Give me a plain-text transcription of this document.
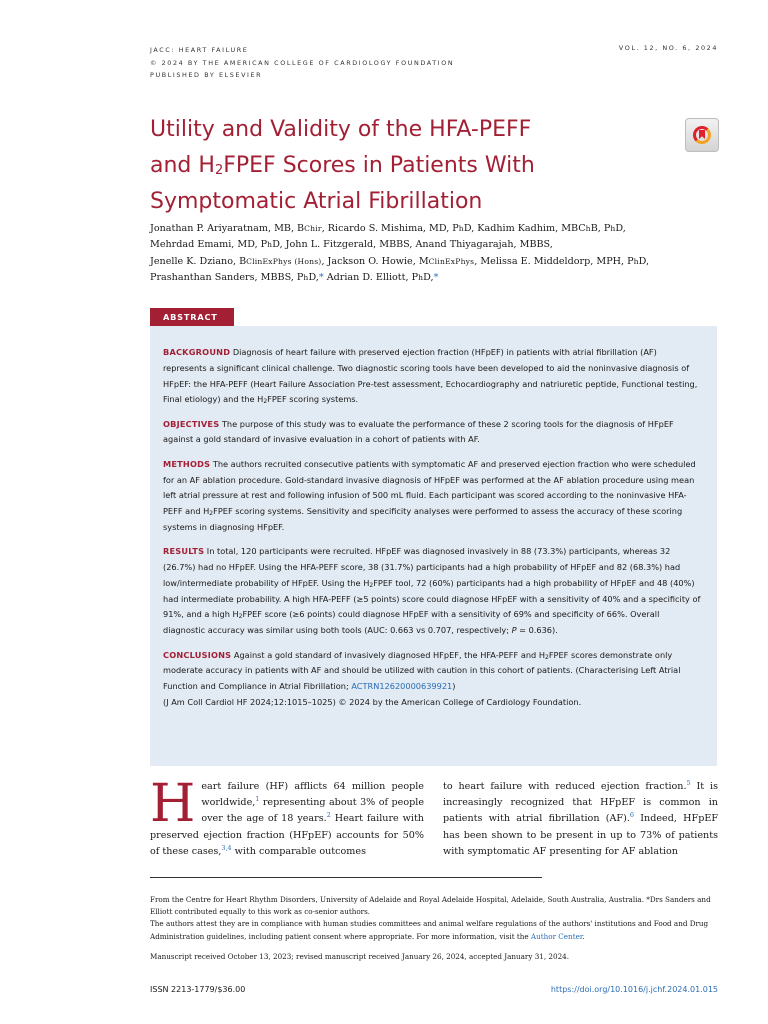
JACC: HEART FAILURE
© 2024 BY THE AMERICAN COLLEGE OF CARDIOLOGY FOUNDATION
PUBLISHED BY ELSEVIER
VOL. 12, NO. 6, 2024
Utility and Validity of the HFA-PEFF
and $H_2FPEF$ Scores in Patients With
Symptomatic Atrial Fibrillation
Jonathan P. Ariyaratnam, MB, BChir, Ricardo S. Mishima, MD, PhD, Kadhim Kadhim, MBChB, PhD,
Mehrdad Emami, MD, PhD, John L. Fitzgerald, MBBS, Anand Thiyagarajah, MBBS,
Jenelle K. Dziano, BClinExPhys (Hons), Jackson O. Howie, MClinExPhys, Melissa E. Middeldorp, MPH, PhD,
Prashanthan Sanders, MBBS, PhD,* Adrian D. Elliott, PhD,*
ABSTRACT

BACKGROUND Diagnosis of heart failure with preserved ejection fraction (HFpEF) in patients with atrial fibrillation (AF) represents a significant clinical challenge. Two diagnostic scoring tools have been developed to aid the noninvasive diagnosis of HFpEF: the HFA-PEFF (Heart Failure Association Pre-test assessment, Echocardiography and natriuretic peptide, Functional testing, Final etiology) and the $H_2FPEF$ scoring systems.

OBJECTIVES The purpose of this study was to evaluate the performance of these 2 scoring tools for the diagnosis of HFpEF against a gold standard of invasive evaluation in a cohort of patients with AF.

METHODS The authors recruited consecutive patients with symptomatic AF and preserved ejection fraction who were scheduled for an AF ablation procedure. Gold-standard invasive diagnosis of HFpEF was performed at the AF ablation procedure using mean left atrial pressure at rest and following infusion of 500 mL fluid. Each participant was scored according to the noninvasive HFA-PEFF and $H_2FPEF$ scoring systems. Sensitivity and specificity analyses were performed to assess the accuracy of these scoring systems in diagnosing HFpEF.

RESULTS In total, 120 participants were recruited. HFpEF was diagnosed invasively in 88 (73.3%) participants, whereas 32 (26.7%) had no HFpEF. Using the HFA-PEFF score, 38 (31.7%) participants had a high probability of HFpEF and 82 (68.3%) had low/intermediate probability of HFpEF. Using the $H_2FPEF$ tool, 72 (60%) participants had a high probability of HFpEF and 48 (40%) had intermediate probability. A high HFA-PEFF (≥5 points) score could diagnose HFpEF with a sensitivity of 40% and a specificity of 91%, and a high $H_2FPEF$ score (≥6 points) could diagnose HFpEF with a sensitivity of 69% and specificity of 66%. Overall diagnostic accuracy was similar using both tools (AUC: 0.663 vs 0.707, respectively; P = 0.636).

CONCLUSIONS Against a gold standard of invasively diagnosed HFpEF, the HFA-PEFF and $H_2FPEF$ scores demonstrate only moderate accuracy in patients with AF and should be utilized with caution in this cohort of patients. (Characterising Left Atrial Function and Compliance in Atrial Fibrillation; ACTRN12620000639921)
(J Am Coll Cardiol HF 2024;12:1015–1025) © 2024 by the American College of Cardiology Foundation.

Heart failure (HF) afflicts 64 million people worldwide,$^1$ representing about 3% of people over the age of 18 years.$^2$ Heart failure with preserved ejection fraction (HFpEF) accounts for 50% of these cases,$^{3,4}$ with comparable outcomes
to heart failure with reduced ejection fraction.$^5$ It is increasingly recognized that HFpEF is common in patients with atrial fibrillation (AF).$^6$ Indeed, HFpEF has been shown to be present in up to 73% of patients with symptomatic AF presenting for AF ablation

From the Centre for Heart Rhythm Disorders, University of Adelaide and Royal Adelaide Hospital, Adelaide, South Australia, Australia. *Drs Sanders and Elliott contributed equally to this work as co-senior authors.

The authors attest they are in compliance with human studies committees and animal welfare regulations of the authors' institutions and Food and Drug Administration guidelines, including patient consent where appropriate. For more information, visit the Author Center.

Manuscript received October 13, 2023; revised manuscript received January 26, 2024, accepted January 31, 2024.

ISSN 2213-1779/$36.00	https://doi.org/10.1016/j.jchf.2024.01.015
